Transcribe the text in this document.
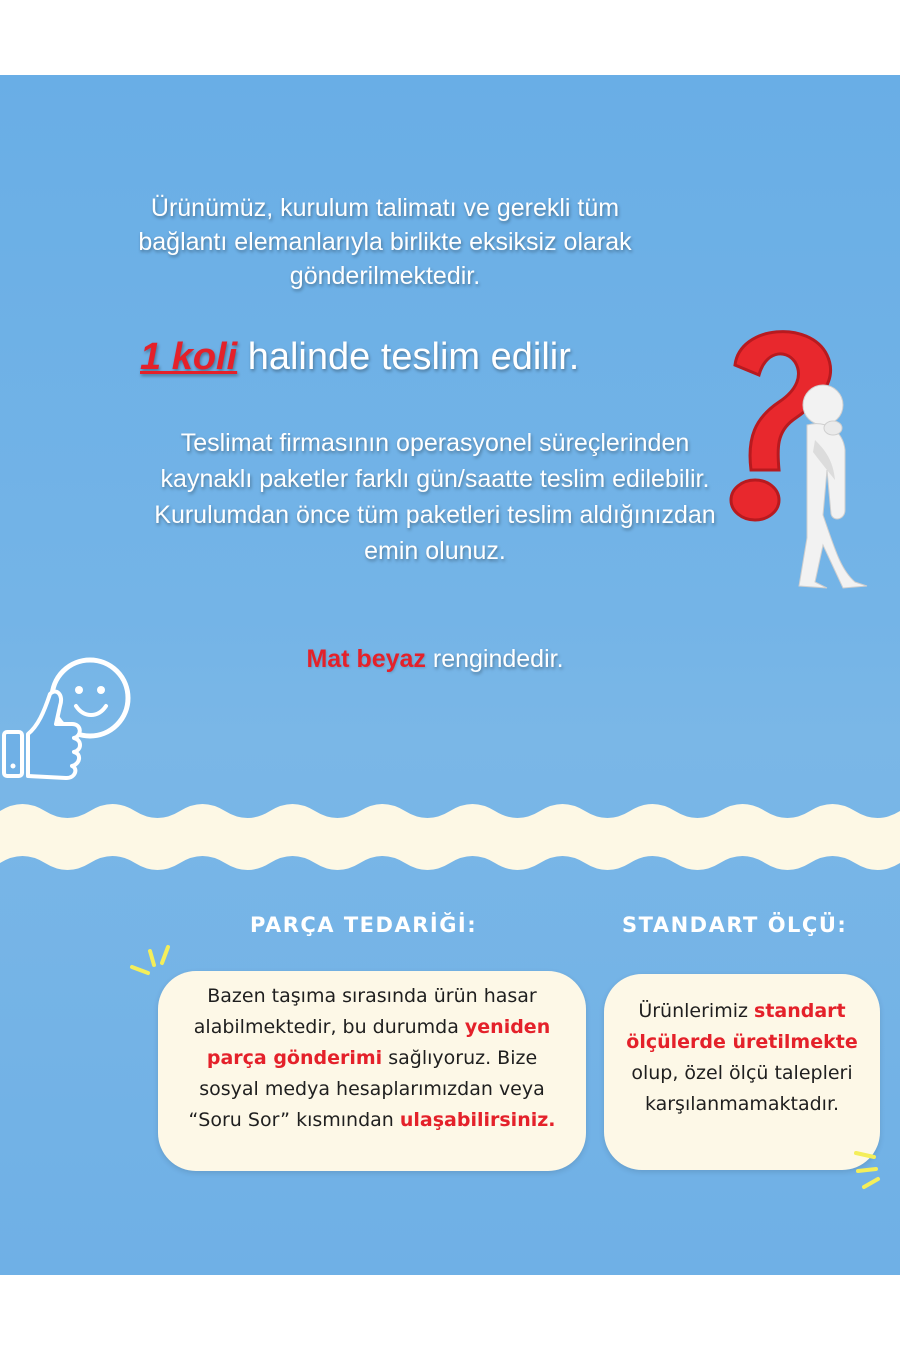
Ürünümüz, kurulum talimatı ve gerekli tüm bağlantı elemanlarıyla birlikte eksiksiz olarak gönderilmektedir.
1 koli halinde teslim edilir.
Teslimat firmasının operasyonel süreçlerinden kaynaklı paketler farklı gün/saatte teslim edilebilir. Kurulumdan önce tüm paketleri teslim aldığınızdan emin olunuz.
Mat beyaz rengindedir.
PARÇA TEDARİĞİ:	STANDART ÖLÇÜ:
Bazen taşıma sırasında ürün hasar alabilmektedir, bu durumda yeniden parça gönderimi sağlıyoruz. Bize sosyal medya hesaplarımızdan veya “Soru Sor” kısmından ulaşabilirsiniz.
Ürünlerimiz standart ölçülerde üretilmekte olup, özel ölçü talepleri karşılanmamaktadır.
